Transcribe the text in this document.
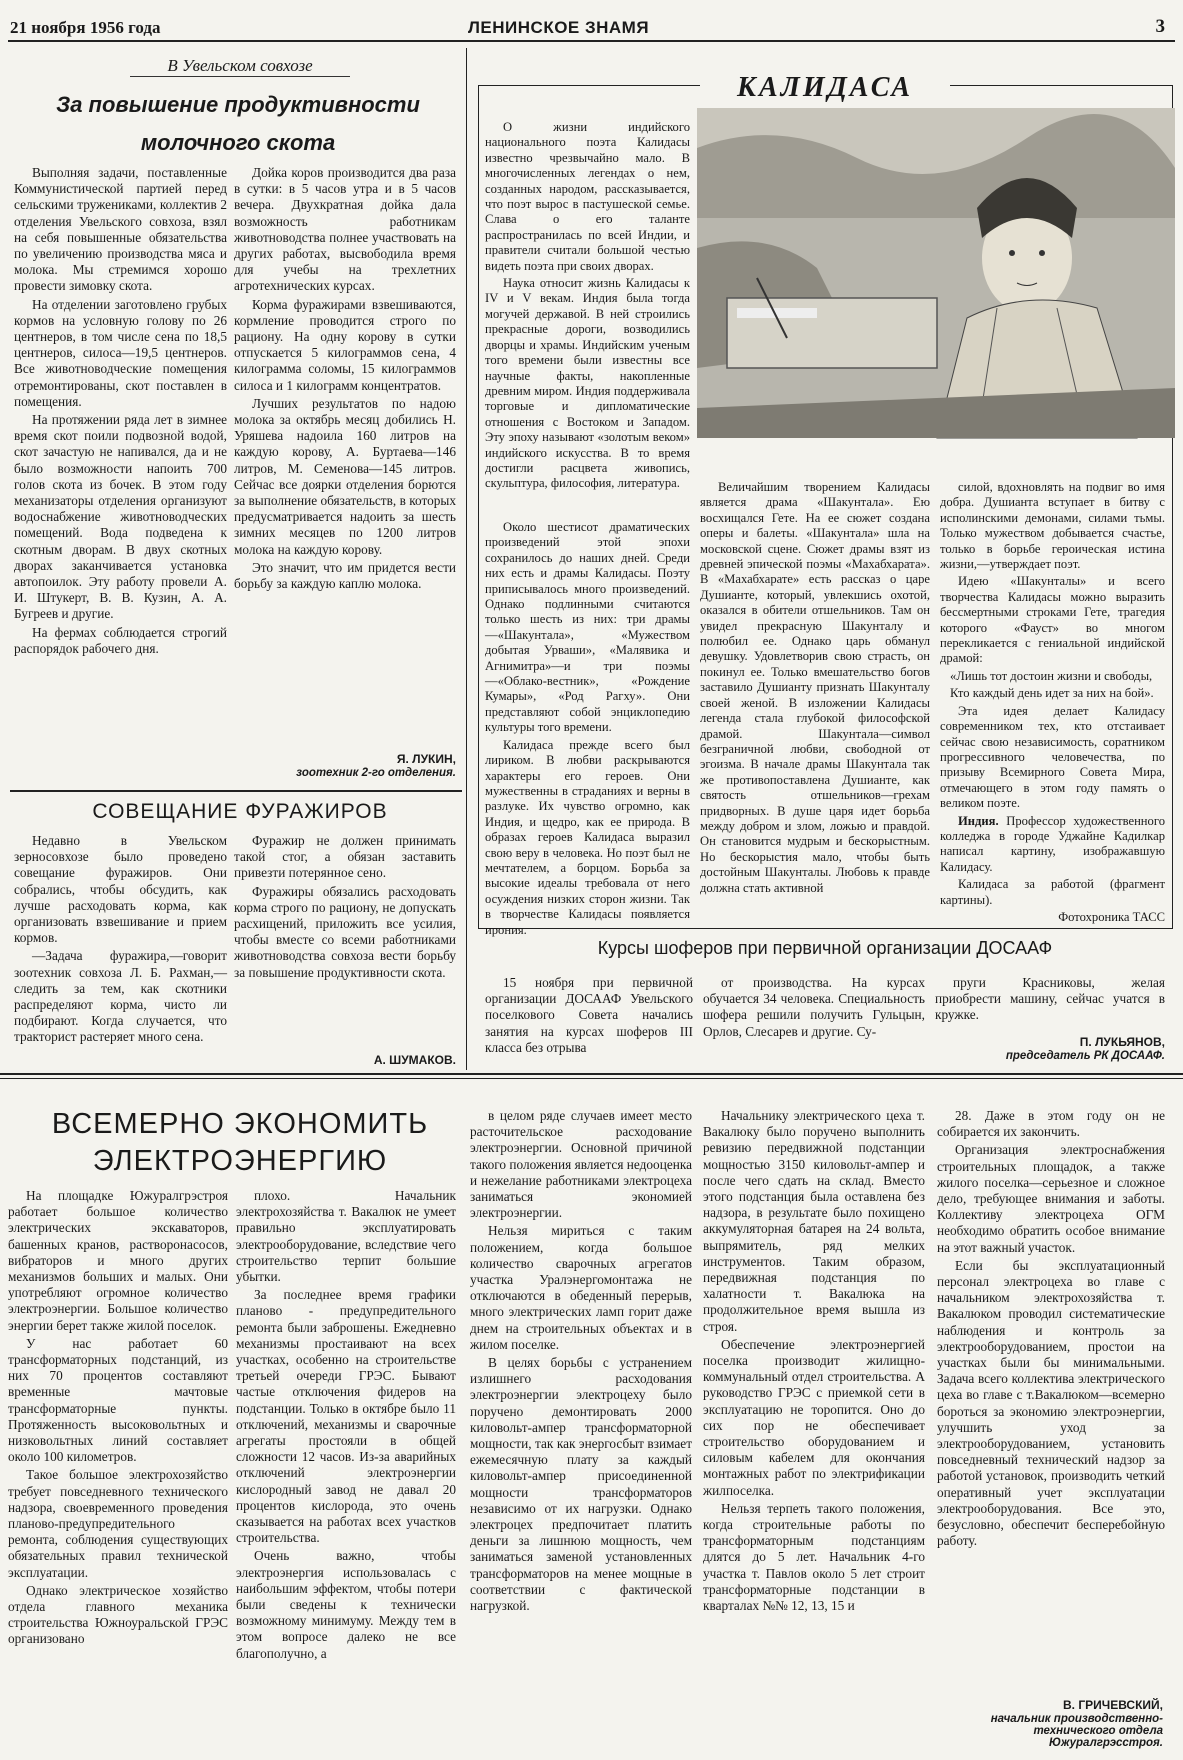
21 ноября 1956 года	ЛЕНИНСКОЕ ЗНАМЯ	3
В Увельском совхозе
За повышение продуктивности
молочного скота

Выполняя задачи, поставленные Коммунистической партией перед сельскими тружениками, коллектив 2 отделения Увельского совхоза, взял на себя повышенные обязательства по увеличению производства мяса и молока. Мы стремимся хорошо провести зимовку скота.

На отделении заготовлено грубых кормов на условную голову по 26 центнеров, в том числе сена по 18,5 центнеров, силоса—19,5 центнеров. Все животноводческие помещения отремонтированы, скот поставлен в помещения.

На протяжении ряда лет в зимнее время скот поили подвозной водой, скот зачастую не напивался, да и не было возможности напоить 700 голов скота из бочек. В этом году механизаторы отделения организуют водоснабжение животноводческих помещений. Вода подведена к скотным дворам. В двух скотных дворах заканчивается установка автопоилок. Эту работу провели А. И. Штукерт, В. В. Кузин, А. А. Бугреев и другие.

На фермах соблюдается строгий распорядок рабочего дня.

Дойка коров производится два раза в сутки: в 5 часов утра и в 5 часов вечера. Двухкратная дойка дала возможность работникам животноводства полнее участвовать на других работах, высвободила время для учебы на трехлетних агротехнических курсах.

Корма фуражирами взвешиваются, кормление проводится строго по рациону. На одну корову в сутки отпускается 5 килограммов сена, 4 килограмма соломы, 15 килограммов силоса и 1 килограмм концентратов.

Лучших результатов по надою молока за октябрь месяц добились Н. Уряшева надоила 160 литров на каждую корову, А. Буртаева—146 литров, М. Семенова—145 литров. Сейчас все доярки отделения борются за выполнение обязательств, в которых предусматривается надоить за шесть зимних месяцев по 1200 литров молока на каждую корову.

Это значит, что им придется вести борьбу за каждую каплю молока.

Я. ЛУКИН,
зоотехник 2-го отделения.
СОВЕЩАНИЕ ФУРАЖИРОВ

Недавно в Увельском зерносовхозе было проведено совещание фуражиров. Они собрались, чтобы обсудить, как лучше расходовать корма, как организовать взвешивание и прием кормов.

—Задача фуражира,—говорит зоотехник совхоза Л. Б. Рахман,—следить за тем, как скотники распределяют корма, чисто ли подбирают. Когда случается, что тракторист растеряет много сена.

Фуражир не должен принимать такой стог, а обязан заставить привезти потерянное сено.

Фуражиры обязались расходовать корма строго по рациону, не допускать расхищений, приложить все усилия, чтобы вместе со всеми работниками животноводства совхоза вести борьбу за повышение продуктивности скота.

А. ШУМАКОВ.
КАЛИДАСА

О жизни индийского национального поэта Калидасы известно чрезвычайно мало. В многочисленных легендах о нем, созданных народом, рассказывается, что поэт вырос в пастушеской семье. Слава о его таланте распространилась по всей Индии, и правители считали большой честью видеть поэта при своих дворах.

Наука относит жизнь Калидасы к IV и V векам. Индия была тогда могучей державой. В ней строились прекрасные дороги, возводились дворцы и храмы. Индийским ученым того времени были известны все научные факты, накопленные древним миром. Индия поддерживала торговые и дипломатические отношения с Востоком и Западом. Эту эпоху называют «золотым веком» индийского искусства. В то время достигли расцвета живопись, скульптура, философия, литература.

Около шестисот драматических произведений этой эпохи сохранилось до наших дней. Среди них есть и драмы Калидасы. Поэту приписывалось много произведений. Однако подлинными считаются только шесть из них: три драмы—«Шакунтала», «Мужеством добытая Урваши», «Малявика и Агнимитра»—и три поэмы—«Облако-вестник», «Рождение Кумары», «Род Рагху». Они представляют собой энциклопедию культуры того времени.

Калидаса прежде всего был лириком. В любви раскрываются характеры его героев. Они мужественны в страданиях и верны в разлуке. Их чувство огромно, как Индия, и щедро, как ее природа. В образах героев Калидаса выразил свою веру в человека. Но поэт был не мечтателем, а борцом. Борьба за высокие идеалы требовала от него осуждения низких сторон жизни. Так в творчестве Калидасы появляется ирония.

Величайшим творением Калидасы является драма «Шакунтала». Ею восхищался Гете. На ее сюжет создана оперы и балеты. «Шакунтала» шла на московской сцене. Сюжет драмы взят из древней эпической поэмы «Махабхарата». В «Махабхарате» есть рассказ о царе Душианте, который, увлекшись охотой, оказался в обители отшельников. Там он увидел прекрасную Шакунталу и полюбил ее. Однако царь обманул девушку. Удовлетворив свою страсть, он покинул ее. Только вмешательство богов заставило Душианту признать Шакунталу своей женой. В изложении Калидасы легенда стала глубокой философской драмой. Шакунтала—символ безграничной любви, свободной от эгоизма. В начале драмы Шакунтала так же противопоставлена Душианте, как святость отшельников—грехам придворных. В душе царя идет борьба между добром и злом, ложью и правдой. Он становится мудрым и бескорыстным. Но бескорыстия мало, чтобы быть достойным Шакунталы. Любовь к правде должна стать активной

силой, вдохновлять на подвиг во имя добра. Душианта вступает в битву с исполинскими демонами, силами тьмы. Только мужеством добывается счастье, только в борьбе героическая истина жизни,—утверждает поэт.

Идею «Шакунталы» и всего творчества Калидасы можно выразить бессмертными строками Гете, трагедия которого «Фауст» во многом перекликается с гениальной индийской драмой:

«Лишь тот достоин жизни и свободы,

Кто каждый день идет за них на бой».

Эта идея делает Калидасу современником тех, кто отстаивает сейчас свою независимость, соратником прогрессивного человечества, по призыву Всемирного Совета Мира, отмечающего в этом году память о великом поэте.

Индия. Профессор художественного колледжа в городе Уджайне Кадилкар написал картину, изображавшую Калидасу.

Калидаса за работой (фрагмент картины).

Фотохроника ТАСС

Курсы шоферов при первичной организации ДОСААФ

15 ноября при первичной организации ДОСААФ Увельского поселкового Совета начались занятия на курсах шоферов III класса без отрыва

от производства. На курсах обучается 34 человека. Специальность шофера решили получить Гульцын, Орлов, Слесарев и другие. Су-

пруги Красниковы, желая приобрести машину, сейчас учатся в кружке.

П. ЛУКЬЯНОВ,
председатель РК ДОСААФ.
ВСЕМЕРНО ЭКОНОМИТЬ
ЭЛЕКТРОЭНЕРГИЮ

На площадке Южуралгрэстроя работает большое количество электрических экскаваторов, башенных кранов, растворонасосов, вибраторов и много других механизмов больших и малых. Они употребляют огромное количество электроэнергии. Большое количество энергии берет также жилой поселок.

У нас работает 60 трансформаторных подстанций, из них 70 процентов составляют временные мачтовые трансформаторные пункты. Протяженность высоковольтных и низковольтных линий составляет около 100 километров.

Такое большое электрохозяйство требует повседневного технического надзора, своевременного проведения планово-предупредительного ремонта, соблюдения существующих обязательных правил технической эксплуатации.

Однако электрическое хозяйство отдела главного механика строительства Южноуральской ГРЭС организовано

плохо. Начальник электрохозяйства т. Вакалюк не умеет правильно эксплуатировать электрооборудование, вследствие чего строительство терпит большие убытки.

За последнее время графики планово - предупредительного ремонта были заброшены. Ежедневно механизмы простаивают на всех участках, особенно на строительстве третьей очереди ГРЭС. Бывают частые отключения фидеров на подстанции. Только в октябре было 11 отключений, механизмы и сварочные агрегаты простояли в общей сложности 12 часов. Из-за аварийных отключений электроэнергии кислородный завод не давал 20 процентов кислорода, это очень сказывается на работах всех участков строительства.

Очень важно, чтобы электроэнергия использовалась с наибольшим эффектом, чтобы потери были сведены к технически возможному минимуму. Между тем в этом вопросе далеко не все благополучно, а

в целом ряде случаев имеет место расточительское расходование электроэнергии. Основной причиной такого положения является недооценка и нежелание работниками электроцеха заниматься экономией электроэнергии.

Нельзя мириться с таким положением, когда большое количество сварочных агрегатов участка Уралэнергомонтажа не отключаются в обеденный перерыв, много электрических ламп горит даже днем на строительных объектах и в жилом поселке.

В целях борьбы с устранением излишнего расходования электроэнергии электроцеху было поручено демонтировать 2000 киловольт-ампер трансформаторной мощности, так как энергосбыт взимает ежемесячную плату за каждый киловольт-ампер присоединенной мощности трансформаторов независимо от их нагрузки. Однако электроцех предпочитает платить деньги за лишнюю мощность, чем заниматься заменой установленных трансформаторов на менее мощные в соответствии с фактической нагрузкой.

Начальнику электрического цеха т. Вакалюку было поручено выполнить ревизию передвижной подстанции мощностью 3150 киловольт-ампер и после чего сдать на склад. Вместо этого подстанция была оставлена без надзора, в результате было похищено аккумуляторная батарея на 24 вольта, выпрямитель, ряд мелких инструментов. Таким образом, передвижная подстанция по халатности т. Вакалюка на продолжительное время вышла из строя.

Обеспечение электроэнергией поселка производит жилищно-коммунальный отдел строительства. А руководство ГРЭС с приемкой сети в эксплуатацию не торопится. Оно до сих пор не обеспечивает строительство оборудованием и силовым кабелем для окончания монтажных работ по электрификации жилпоселка.

Нельзя терпеть такого положения, когда строительные работы по трансформаторным подстанциям длятся до 5 лет. Начальник 4-го участка т. Павлов около 5 лет строит трансформаторные подстанции в кварталах №№ 12, 13, 15 и

28. Даже в этом году он не собирается их закончить.

Организация электроснабжения строительных площадок, а также жилого поселка—серьезное и сложное дело, требующее внимания и заботы. Коллективу электроцеха ОГМ необходимо обратить особое внимание на этот важный участок.

Если бы эксплуатационный персонал электроцеха во главе с начальником электрохозяйства т. Вакалюком проводил систематические наблюдения и контроль за электрооборудованием, простои на участках были бы минимальными. Задача всего коллектива электрического цеха во главе с т.Вакалюком—всемерно бороться за экономию электроэнергии, улучшить уход за электрооборудованием, установить повседневный технический надзор за работой установок, производить четкий оперативный учет эксплуатации электрооборудования. Все это, безусловно, обеспечит бесперебойную работу.

В. ГРИЧЕВСКИЙ,
начальник производственно-технического отдела Южуралгрэсстроя.
